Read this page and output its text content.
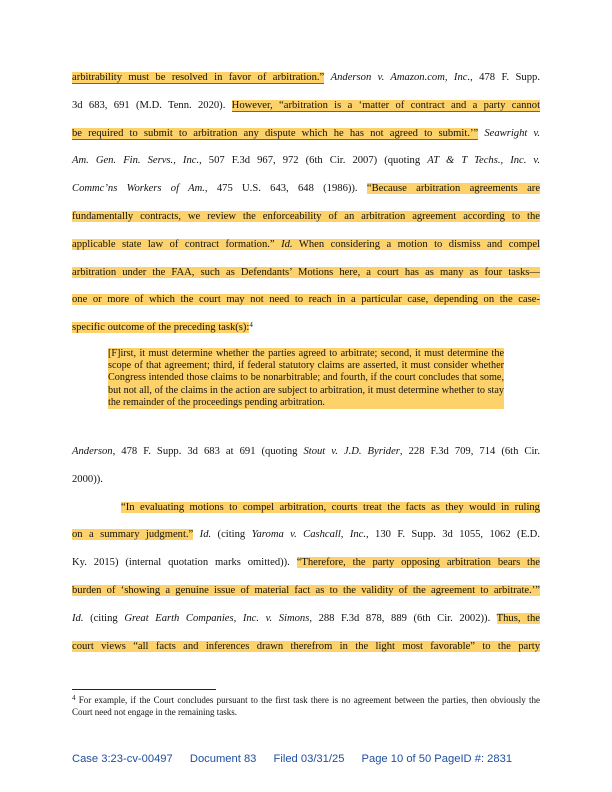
arbitrability must be resolved in favor of arbitration.” Anderson v. Amazon.com, Inc., 478 F. Supp.
3d 683, 691 (M.D. Tenn. 2020). However, “arbitration is a ‘matter of contract and a party cannot
be required to submit to arbitration any dispute which he has not agreed to submit.’” Seawright v.
Am. Gen. Fin. Servs., Inc., 507 F.3d 967, 972 (6th Cir. 2007) (quoting AT & T Techs., Inc. v.
Commc’ns Workers of Am., 475 U.S. 643, 648 (1986)). “Because arbitration agreements are
fundamentally contracts, we review the enforceability of an arbitration agreement according to the
applicable state law of contract formation.” Id. When considering a motion to dismiss and compel
arbitration under the FAA, such as Defendants’ Motions here, a court has as many as four tasks—
one or more of which the court may not need to reach in a particular case, depending on the case-
specific outcome of the preceding task(s):$^4$
[F]irst, it must determine whether the parties agreed to arbitrate; second, it must determine the scope of that agreement; third, if federal statutory claims are asserted, it must consider whether Congress intended those claims to be nonarbitrable; and fourth, if the court concludes that some, but not all, of the claims in the action are subject to arbitration, it must determine whether to stay the remainder of the proceedings pending arbitration.
Anderson, 478 F. Supp. 3d 683 at 691 (quoting Stout v. J.D. Byrider, 228 F.3d 709, 714 (6th Cir.
2000)).
“In evaluating motions to compel arbitration, courts treat the facts as they would in ruling
on a summary judgment.” Id. (citing Yaroma v. Cashcall, Inc., 130 F. Supp. 3d 1055, 1062 (E.D.
Ky. 2015) (internal quotation marks omitted)). “Therefore, the party opposing arbitration bears the
burden of ‘showing a genuine issue of material fact as to the validity of the agreement to arbitrate.’”
Id. (citing Great Earth Companies, Inc. v. Simons, 288 F.3d 878, 889 (6th Cir. 2002)). Thus, the
court views “all facts and inferences drawn therefrom in the light most favorable” to the party
$^4$ For example, if the Court concludes pursuant to the first task there is no agreement between the parties, then obviously the Court need not engage in the remaining tasks.
Case 3:23-cv-00497 Document 83 Filed 03/31/25 Page 10 of 50 PageID #: 2831
